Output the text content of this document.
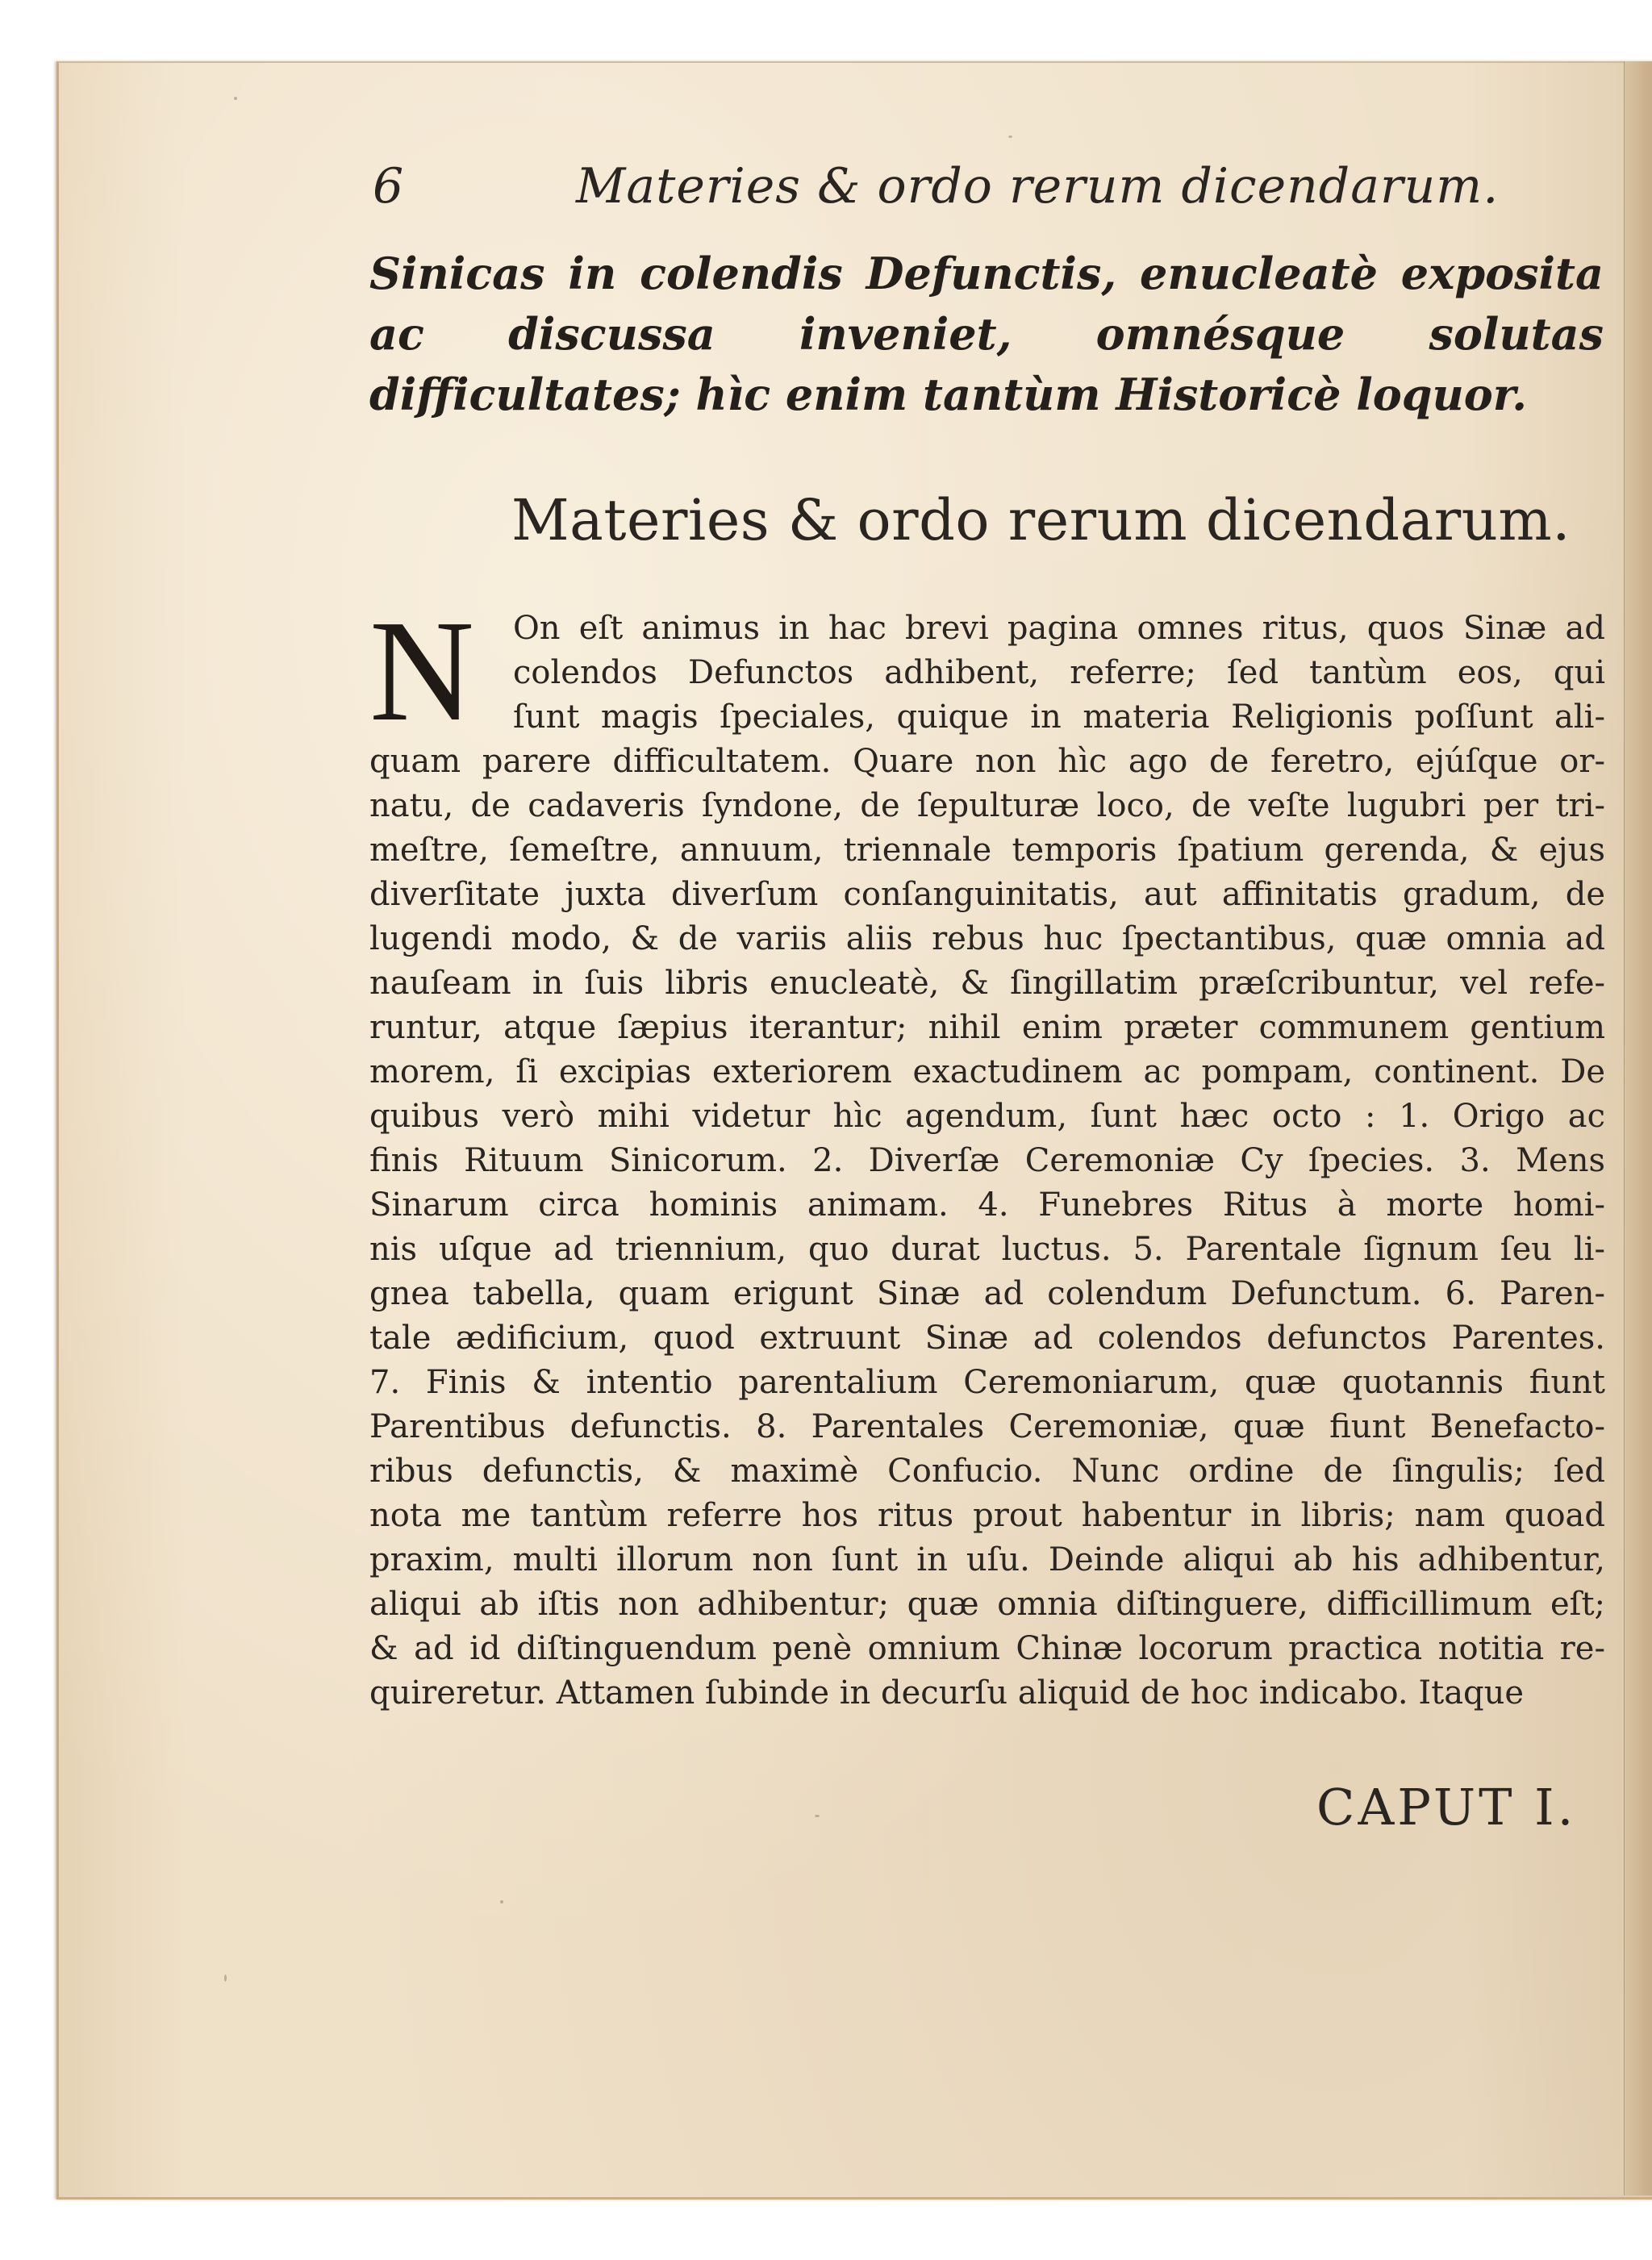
6	Materies & ordo rerum dicendarum.
Sinicas in colendis Defunctis, enucleatè exposita ac discussa inveniet, omnésque solutas difficultates; hìc enim tantùm Historicè loquor.
Materies & ordo rerum dicendarum.
N	On eſt animus in hac brevi pagina omnes ritus, quos Sinæ ad
colendos Defunctos adhibent, referre; ſed tantùm eos, qui
ſunt magis ſpeciales, quique in materia Religionis poſſunt ali-
quam parere difficultatem. Quare non hìc ago de feretro, ejúſque or-
natu, de cadaveris ſyndone, de ſepulturæ loco, de veſte lugubri per tri-
meſtre, ſemeſtre, annuum, triennale temporis ſpatium gerenda, & ejus
diverſitate juxta diverſum conſanguinitatis, aut affinitatis gradum, de
lugendi modo, & de variis aliis rebus huc ſpectantibus, quæ omnia ad
nauſeam in ſuis libris enucleatè, & ſingillatim præſcribuntur, vel refe-
runtur, atque ſæpius iterantur; nihil enim præter communem gentium
morem, ſi excipias exteriorem exactudinem ac pompam, continent. De
quibus verò mihi videtur hìc agendum, ſunt hæc octo : 1. Origo ac
finis Rituum Sinicorum. 2. Diverſæ Ceremoniæ Cy ſpecies. 3. Mens
Sinarum circa hominis animam. 4. Funebres Ritus à morte homi-
nis uſque ad triennium, quo durat luctus. 5. Parentale ſignum ſeu li-
gnea tabella, quam erigunt Sinæ ad colendum Defunctum. 6. Paren-
tale ædificium, quod extruunt Sinæ ad colendos defunctos Parentes.
7. Finis & intentio parentalium Ceremoniarum, quæ quotannis fiunt
Parentibus defunctis. 8. Parentales Ceremoniæ, quæ fiunt Benefacto-
ribus defunctis, & maximè Confucio. Nunc ordine de ſingulis; ſed
nota me tantùm referre hos ritus prout habentur in libris; nam quoad
praxim, multi illorum non ſunt in uſu. Deinde aliqui ab his adhibentur,
aliqui ab iſtis non adhibentur; quæ omnia diſtinguere, difficillimum eſt;
& ad id diſtinguendum penè omnium Chinæ locorum practica notitia re-
quireretur. Attamen ſubinde in decurſu aliquid de hoc indicabo. Itaque
CAPUT I.
